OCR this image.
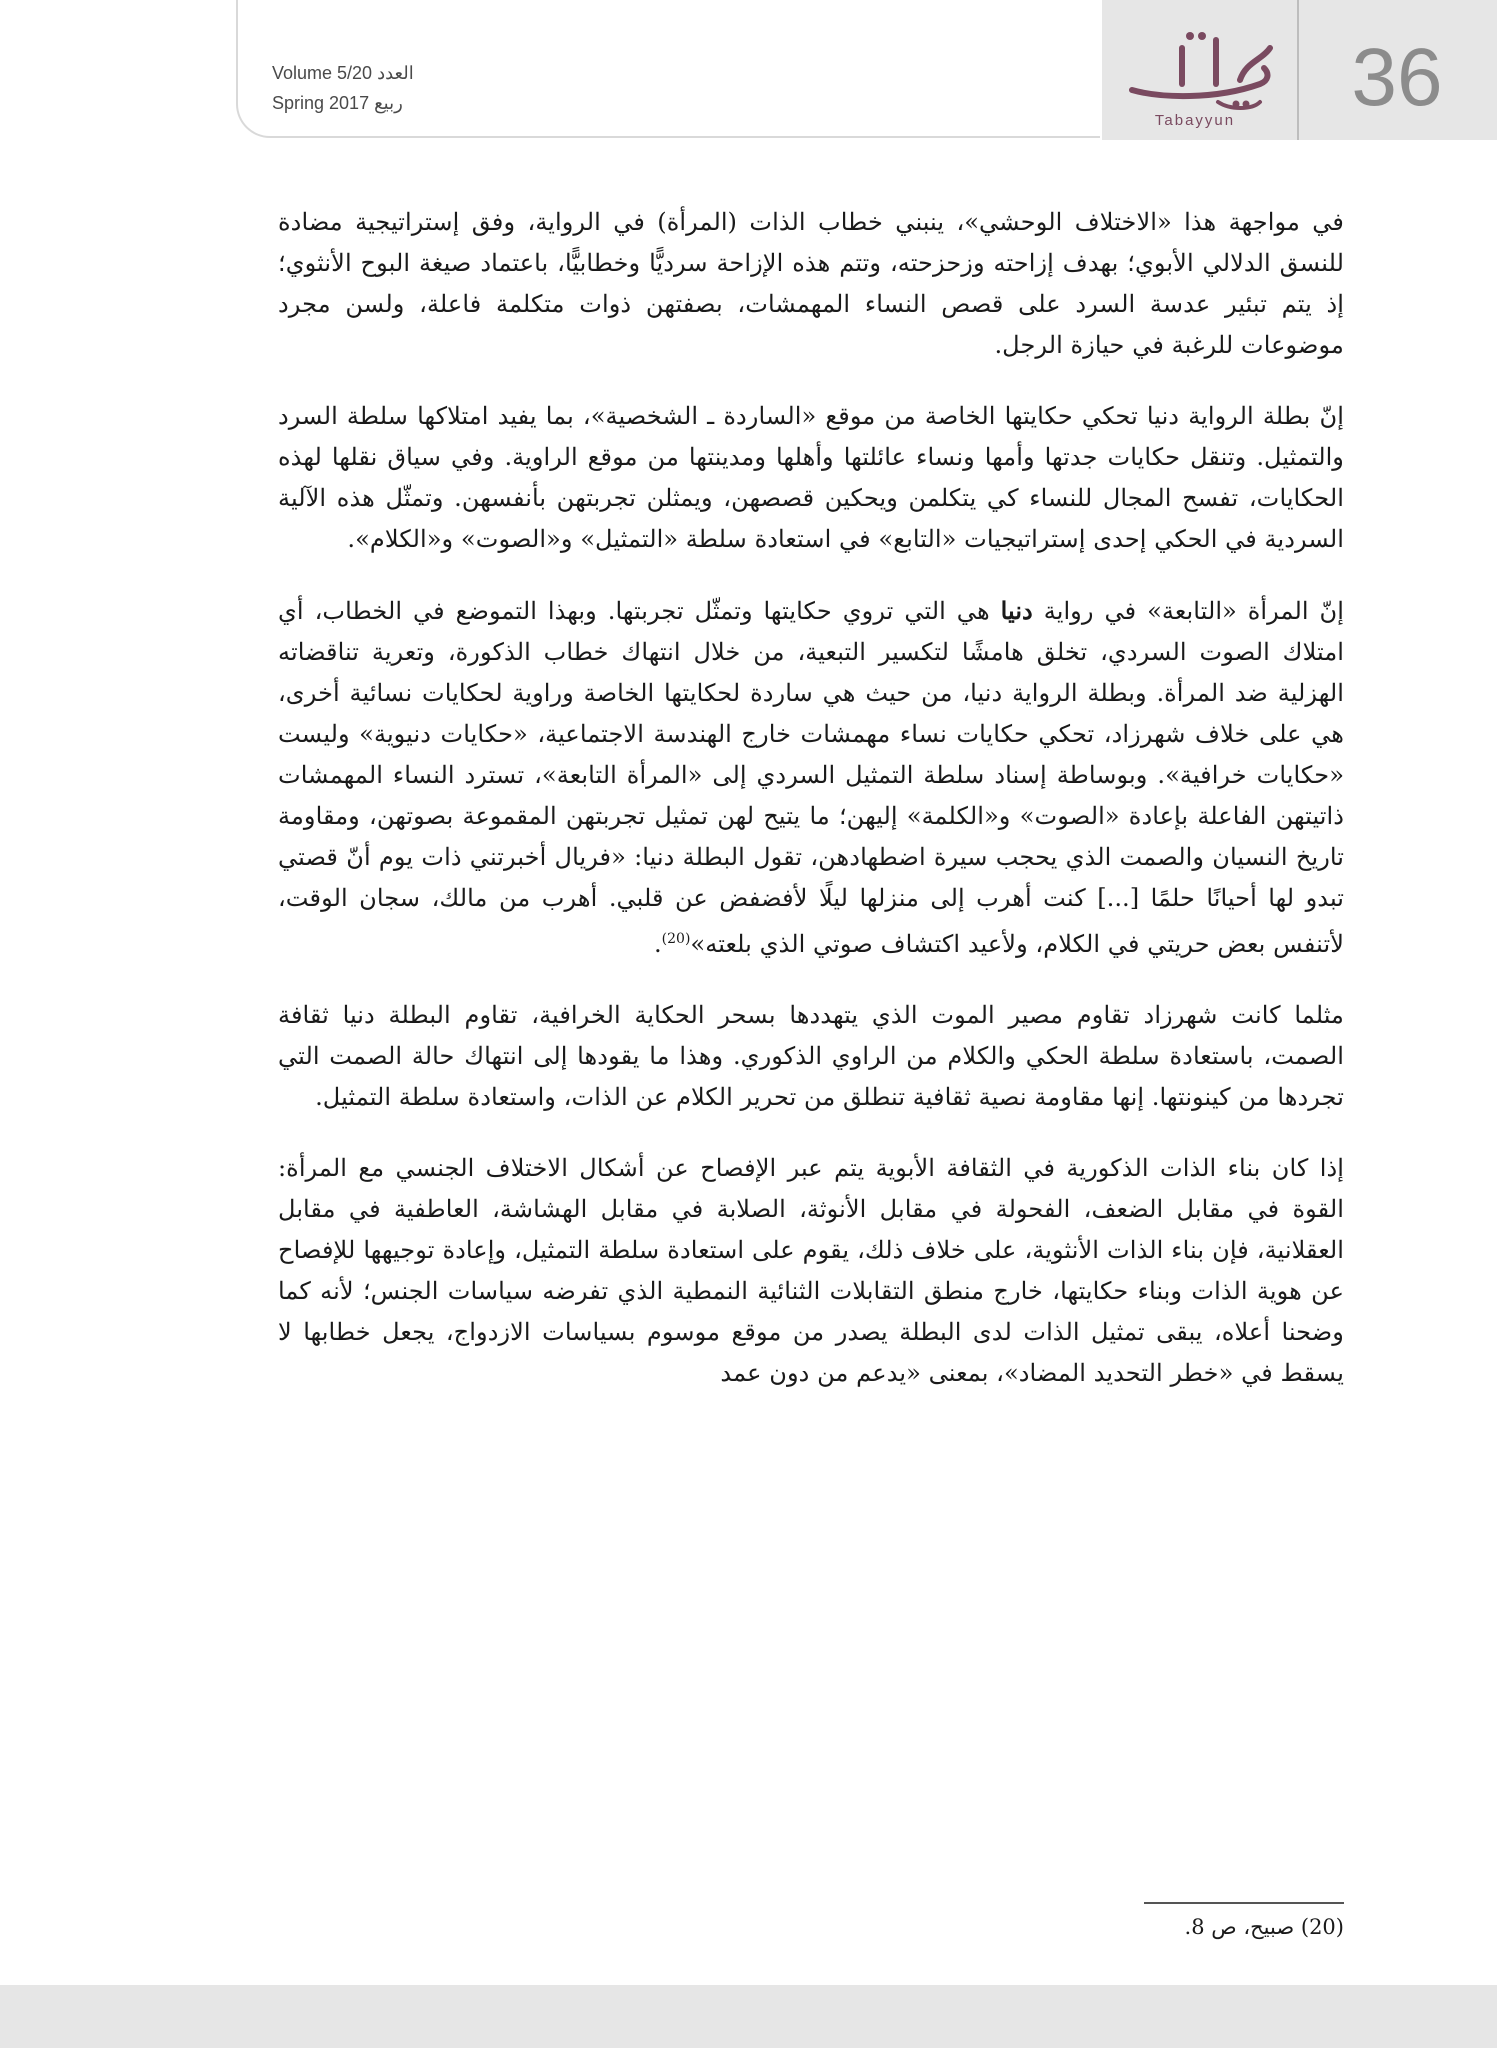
Volume 5/20 العدد
Spring 2017 ربيع
Tabayyun	36

في مواجهة هذا «الاختلاف الوحشي»، ينبني خطاب الذات (المرأة) في الرواية، وفق إستراتيجية مضادة للنسق الدلالي الأبوي؛ بهدف إزاحته وزحزحته، وتتم هذه الإزاحة سرديًّا وخطابيًّا، باعتماد صيغة البوح الأنثوي؛ إذ يتم تبئير عدسة السرد على قصص النساء المهمشات، بصفتهن ذوات متكلمة فاعلة، ولسن مجرد موضوعات للرغبة في حيازة الرجل.

إنّ بطلة الرواية دنيا تحكي حكايتها الخاصة من موقع «الساردة ـ الشخصية»، بما يفيد امتلاكها سلطة السرد والتمثيل. وتنقل حكايات جدتها وأمها ونساء عائلتها وأهلها ومدينتها من موقع الراوية. وفي سياق نقلها لهذه الحكايات، تفسح المجال للنساء كي يتكلمن ويحكين قصصهن، ويمثلن تجربتهن بأنفسهن. وتمثّل هذه الآلية السردية في الحكي إحدى إستراتيجيات «التابع» في استعادة سلطة «التمثيل» و«الصوت» و«الكلام».

إنّ المرأة «التابعة» في رواية دنيا هي التي تروي حكايتها وتمثّل تجربتها. وبهذا التموضع في الخطاب، أي امتلاك الصوت السردي، تخلق هامشًا لتكسير التبعية، من خلال انتهاك خطاب الذكورة، وتعرية تناقضاته الهزلية ضد المرأة. وبطلة الرواية دنيا، من حيث هي ساردة لحكايتها الخاصة وراوية لحكايات نسائية أخرى، هي على خلاف شهرزاد، تحكي حكايات نساء مهمشات خارج الهندسة الاجتماعية، «حكايات دنيوية» وليست «حكايات خرافية». وبوساطة إسناد سلطة التمثيل السردي إلى «المرأة التابعة»، تسترد النساء المهمشات ذاتيتهن الفاعلة بإعادة «الصوت» و«الكلمة» إليهن؛ ما يتيح لهن تمثيل تجربتهن المقموعة بصوتهن، ومقاومة تاريخ النسيان والصمت الذي يحجب سيرة اضطهادهن، تقول البطلة دنيا: «فريال أخبرتني ذات يوم أنّ قصتي تبدو لها أحيانًا حلمًا [...] كنت أهرب إلى منزلها ليلًا لأفضفض عن قلبي. أهرب من مالك، سجان الوقت، لأتنفس بعض حريتي في الكلام، ولأعيد اكتشاف صوتي الذي بلعته»$^{(20)}$.

مثلما كانت شهرزاد تقاوم مصير الموت الذي يتهددها بسحر الحكاية الخرافية، تقاوم البطلة دنيا ثقافة الصمت، باستعادة سلطة الحكي والكلام من الراوي الذكوري. وهذا ما يقودها إلى انتهاك حالة الصمت التي تجردها من كينونتها. إنها مقاومة نصية ثقافية تنطلق من تحرير الكلام عن الذات، واستعادة سلطة التمثيل.

إذا كان بناء الذات الذكورية في الثقافة الأبوية يتم عبر الإفصاح عن أشكال الاختلاف الجنسي مع المرأة: القوة في مقابل الضعف، الفحولة في مقابل الأنوثة، الصلابة في مقابل الهشاشة، العاطفية في مقابل العقلانية، فإن بناء الذات الأنثوية، على خلاف ذلك، يقوم على استعادة سلطة التمثيل، وإعادة توجيهها للإفصاح عن هوية الذات وبناء حكايتها، خارج منطق التقابلات الثنائية النمطية الذي تفرضه سياسات الجنس؛ لأنه كما وضحنا أعلاه، يبقى تمثيل الذات لدى البطلة يصدر من موقع موسوم بسياسات الازدواج، يجعل خطابها لا يسقط في «خطر التحديد المضاد»، بمعنى «يدعم من دون عمد

(20) صبيح، ص 8.
